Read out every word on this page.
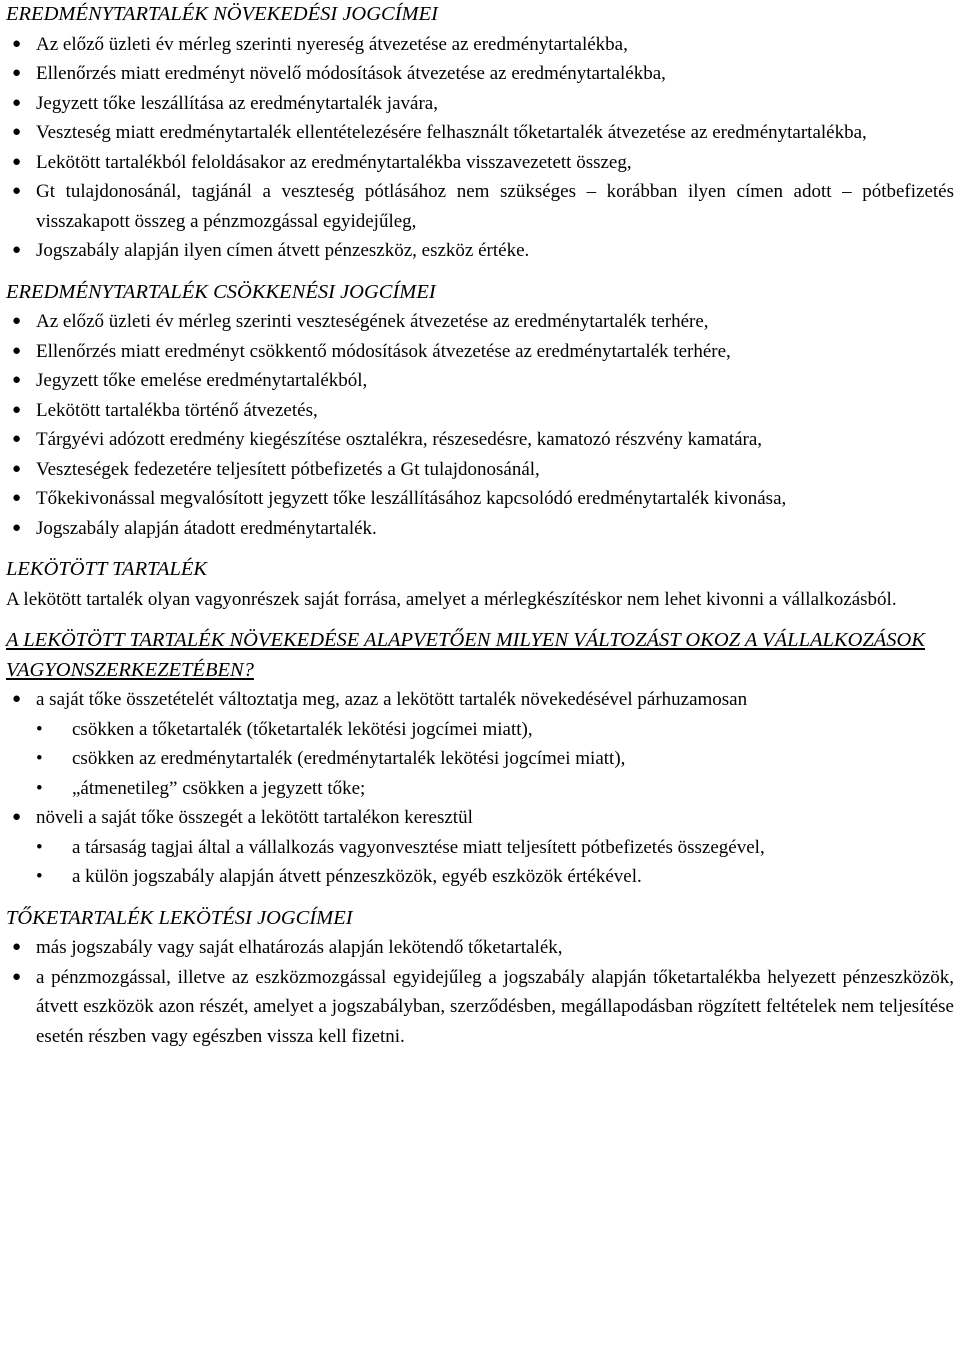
EREDMÉNYTARTALÉK NÖVEKEDÉSI JOGCÍMEI
● Az előző üzleti év mérleg szerinti nyereség átvezetése az eredménytartalékba,
● Ellenőrzés miatt eredményt növelő módosítások átvezetése az eredménytartalékba,
● Jegyzett tőke leszállítása az eredménytartalék javára,
● Veszteség miatt eredménytartalék ellentételezésére felhasznált tőketartalék átvezetése az eredménytartalékba,
● Lekötött tartalékból feloldásakor az eredménytartalékba visszavezetett összeg,
● Gt tulajdonosánál, tagjánál a veszteség pótlásához nem szükséges – korábban ilyen címen adott – pótbefizetés visszakapott összeg a pénzmozgással egyidejűleg,
● Jogszabály alapján ilyen címen átvett pénzeszköz, eszköz értéke.
EREDMÉNYTARTALÉK CSÖKKENÉSI JOGCÍMEI
● Az előző üzleti év mérleg szerinti veszteségének átvezetése az eredménytartalék terhére,
● Ellenőrzés miatt eredményt csökkentő módosítások átvezetése az eredménytartalék terhére,
● Jegyzett tőke emelése eredménytartalékból,
● Lekötött tartalékba történő átvezetés,
● Tárgyévi adózott eredmény kiegészítése osztalékra, részesedésre, kamatozó részvény kamatára,
● Veszteségek fedezetére teljesített pótbefizetés a Gt tulajdonosánál,
● Tőkekivonással megvalósított jegyzett tőke leszállításához kapcsolódó eredménytartalék kivonása,
● Jogszabály alapján átadott eredménytartalék.
LEKÖTÖTT TARTALÉK

A lekötött tartalék olyan vagyonrészek saját forrása, amelyet a mérlegkészítéskor nem lehet kivonni a vállalkozásból.

A LEKÖTÖTT TARTALÉK NÖVEKEDÉSE ALAPVETŐEN MILYEN VÁLTOZÁST OKOZ A VÁLLALKOZÁSOK VAGYONSZERKEZETÉBEN?
● a saját tőke összetételét változtatja meg, azaz a lekötött tartalék növekedésével párhuzamosan
• csökken a tőketartalék (tőketartalék lekötési jogcímei miatt),
• csökken az eredménytartalék (eredménytartalék lekötési jogcímei miatt),
• „átmenetileg” csökken a jegyzett tőke;
● növeli a saját tőke összegét a lekötött tartalékon keresztül
• a társaság tagjai által a vállalkozás vagyonvesztése miatt teljesített pótbefizetés összegével,
• a külön jogszabály alapján átvett pénzeszközök, egyéb eszközök értékével.
TŐKETARTALÉK LEKÖTÉSI JOGCÍMEI
● más jogszabály vagy saját elhatározás alapján lekötendő tőketartalék,
● a pénzmozgással, illetve az eszközmozgással egyidejűleg a jogszabály alapján tőketartalékba helyezett pénzeszközök, átvett eszközök azon részét, amelyet a jogszabályban, szerződésben, megállapodásban rögzített feltételek nem teljesítése esetén részben vagy egészben vissza kell fizetni.
